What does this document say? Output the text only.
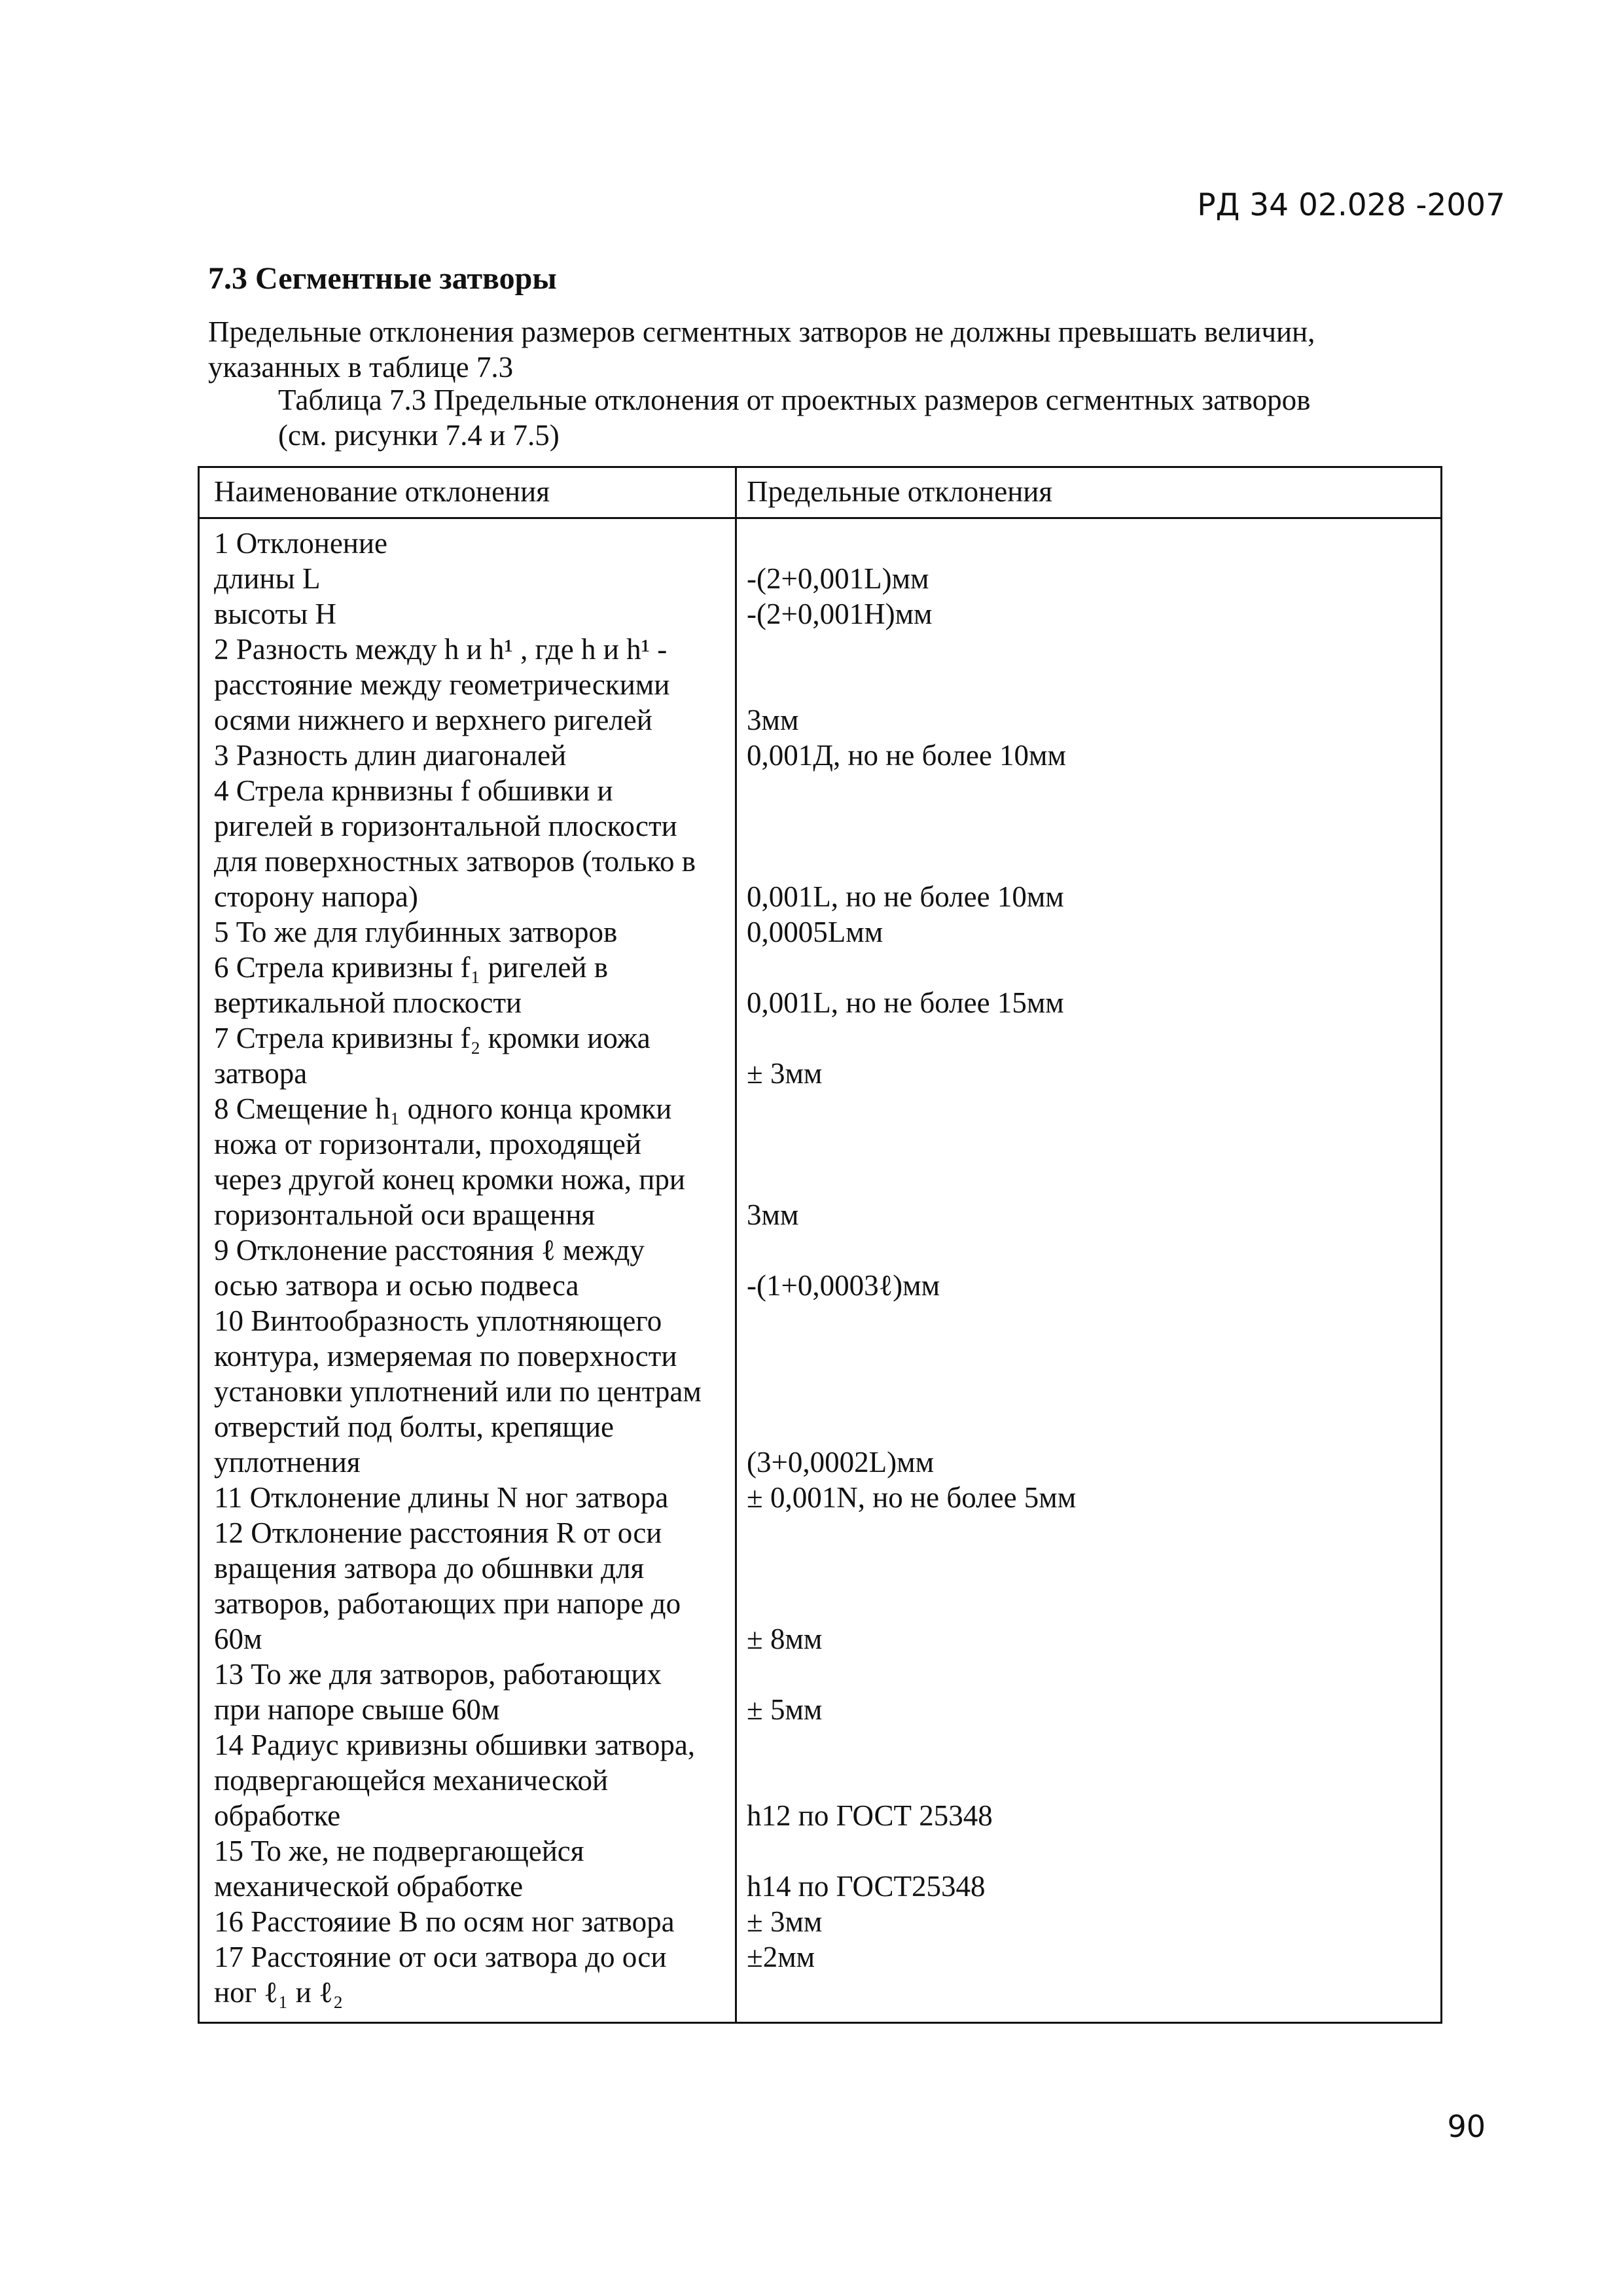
РД 34 02.028 -2007
7.3 Сегментные затворы
Предельные отклонения размеров сегментных затворов не должны превышать величин,
указанных в таблице 7.3
Таблица 7.3 Предельные отклонения от проектных размеров сегментных затворов
(см. рисунки 7.4 и 7.5)
Наименование отклонения	Предельные отклонения
1 Отклонение
длины L	-(2+0,001L)мм
высоты H	-(2+0,001H)мм
2 Разность между h и h¹ , где h и h¹ -
расстояние между геометрическими
осями нижнего и верхнего ригелей	3мм
3 Разность длин диагоналей	0,001Д, но не более 10мм
4 Стрела крнвизны f обшивки и
ригелей в горизонтальной плоскости
для поверхностных затворов (только в
сторону напора)	0,001L, но не более 10мм
5 То же для глубинных затворов	0,0005Lмм
6 Стрела кривизны f₁ ригелей в
вертикальной плоскости	0,001L, но не более 15мм
7 Стрела кривизны f₂ кромки иожа
затвора	± 3мм
8 Смещение h₁ одного конца кромки
ножа от горизонтали, проходящей
через другой конец кромки ножа, при
горизонтальной оси вращення	3мм
9 Отклонение расстояния ℓ между
осью затвора и осью подвеса	-(1+0,0003ℓ)мм
10 Винтообразность уплотняющего
контура, измеряемая по поверхности
установки уплотнений или по центрам
отверстий под болты, крепящие
уплотнения	(3+0,0002L)мм
11 Отклонение длины N ног затвора	± 0,001N, но не более 5мм
12 Отклонение расстояния R от оси
вращения затвора до обшнвки для
затворов, работающих при напоре до
60м	± 8мм
13 То же для затворов, работающих
при напоре свыше 60м	± 5мм
14 Радиус кривизны обшивки затвора,
подвергающейся механической
обработке	h12 по ГОСТ 25348
15 То же, не подвергающейся
механической обработке	h14 по ГОСТ25348
16 Расстояиие B по осям ног затвора ± 3мм
17 Расстояние от оси затвора до оси	±2мм
ног ℓ₁ и ℓ₂
90
